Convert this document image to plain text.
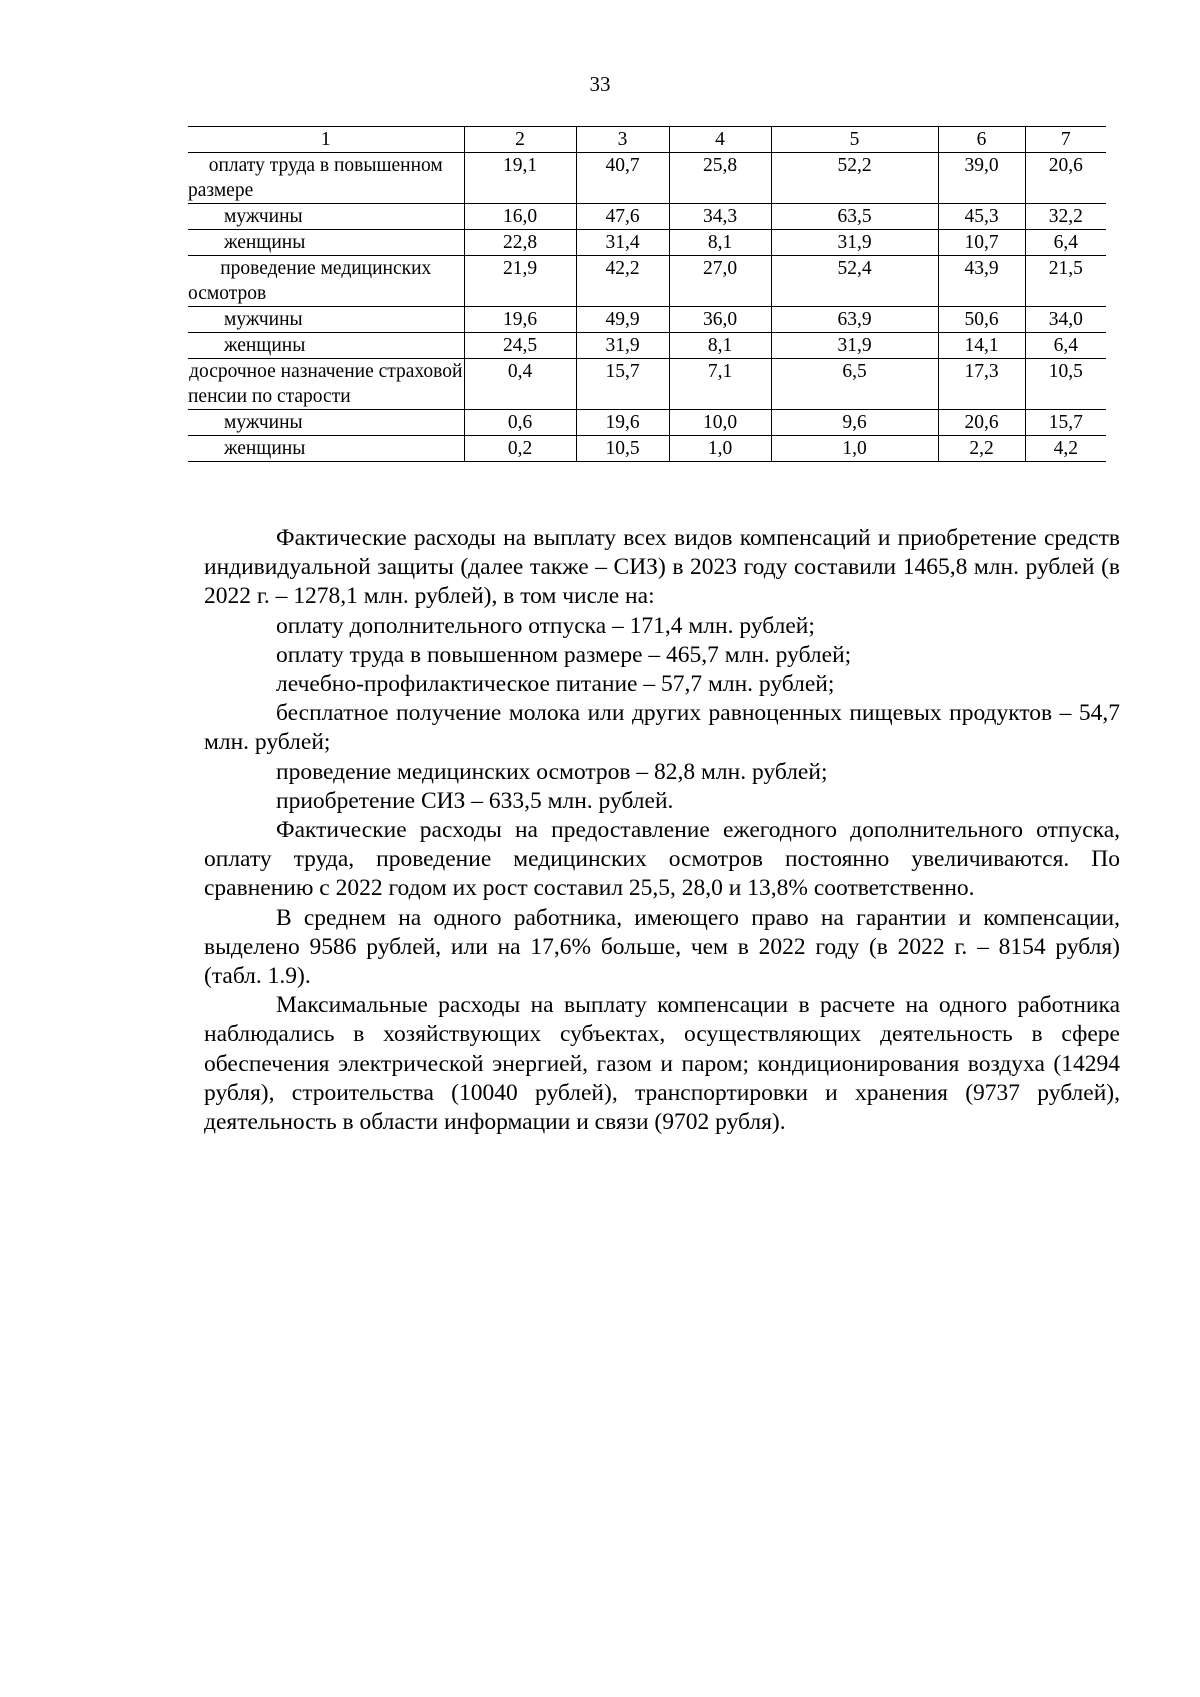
33
1	2	3	4	5	6	7
оплату труда в повышенном размере	19,1	40,7	25,8	52,2	39,0	20,6
мужчины	16,0	47,6	34,3	63,5	45,3	32,2
женщины	22,8	31,4	8,1	31,9	10,7	6,4
проведение медицинских осмотров	21,9	42,2	27,0	52,4	43,9	21,5
мужчины	19,6	49,9	36,0	63,9	50,6	34,0
женщины	24,5	31,9	8,1	31,9	14,1	6,4
досрочное назначение страховой пенсии по старости	0,4	15,7	7,1	6,5	17,3	10,5
мужчины	0,6	19,6	10,0	9,6	20,6	15,7
женщины	0,2	10,5	1,0	1,0	2,2	4,2

Фактические расходы на выплату всех видов компенсаций и приобретение средств индивидуальной защиты (далее также – СИЗ) в 2023 году составили 1465,8 млн. рублей (в 2022 г. – 1278,1 млн. рублей), в том числе на:

оплату дополнительного отпуска – 171,4 млн. рублей;

оплату труда в повышенном размере – 465,7 млн. рублей;

лечебно-профилактическое питание – 57,7 млн. рублей;

бесплатное получение молока или других равноценных пищевых продуктов – 54,7 млн. рублей;

проведение медицинских осмотров – 82,8 млн. рублей;

приобретение СИЗ – 633,5 млн. рублей.

Фактические расходы на предоставление ежегодного дополнительного отпуска, оплату труда, проведение медицинских осмотров постоянно увеличиваются. По сравнению с 2022 годом их рост составил 25,5, 28,0 и 13,8% соответственно.

В среднем на одного работника, имеющего право на гарантии и компенсации, выделено 9586 рублей, или на 17,6% больше, чем в 2022 году (в 2022 г. – 8154 рубля) (табл. 1.9).

Максимальные расходы на выплату компенсации в расчете на одного работника наблюдались в хозяйствующих субъектах, осуществляющих деятельность в сфере обеспечения электрической энергией, газом и паром; кондиционирования воздуха (14294 рубля), строительства (10040 рублей), транспортировки и хранения (9737 рублей), деятельность в области информации и связи (9702 рубля).
